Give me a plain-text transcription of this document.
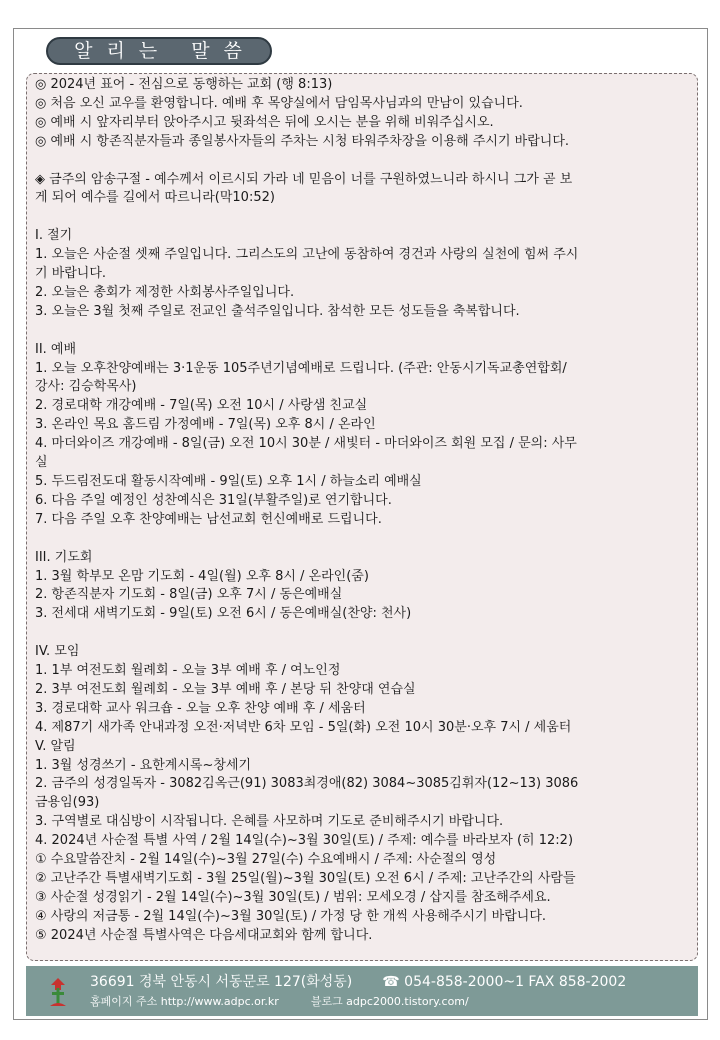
알리는 말씀
◎ 2024년 표어 - 전심으로 동행하는 교회 (행 8:13)
◎ 처음 오신 교우를 환영합니다. 예배 후 목양실에서 담임목사님과의 만남이 있습니다.
◎ 예배 시 앞자리부터 앉아주시고 뒷좌석은 뒤에 오시는 분을 위해 비워주십시오.
◎ 예배 시 항존직분자들과 종일봉사자들의 주차는 시청 타워주차장을 이용해 주시기 바랍니다.
◈ 금주의 암송구절 - 예수께서 이르시되 가라 네 믿음이 너를 구원하였느니라 하시니 그가 곧 보
게 되어 예수를 길에서 따르니라(막10:52)
I. 절기
1. 오늘은 사순절 셋째 주일입니다. 그리스도의 고난에 동참하여 경건과 사랑의 실천에 힘써 주시
기 바랍니다.
2. 오늘은 총회가 제정한 사회봉사주일입니다.
3. 오늘은 3월 첫째 주일로 전교인 출석주일입니다. 참석한 모든 성도들을 축복합니다.
II. 예배
1. 오늘 오후찬양예배는 3·1운동 105주년기념예배로 드립니다. (주관: 안동시기독교총연합회/
강사: 김승학목사)
2. 경로대학 개강예배 - 7일(목) 오전 10시 / 사랑샘 친교실
3. 온라인 목요 홈드림 가정예배 - 7일(목) 오후 8시 / 온라인
4. 마더와이즈 개강예배 - 8일(금) 오전 10시 30분 / 새빛터 - 마더와이즈 회원 모집 / 문의: 사무
실
5. 두드림전도대 활동시작예배 - 9일(토) 오후 1시 / 하늘소리 예배실
6. 다음 주일 예정인 성찬예식은 31일(부활주일)로 연기합니다.
7. 다음 주일 오후 찬양예배는 남선교회 헌신예배로 드립니다.
III. 기도회
1. 3월 학부모 온맘 기도회 - 4일(월) 오후 8시 / 온라인(줌)
2. 항존직분자 기도회 - 8일(금) 오후 7시 / 동은예배실
3. 전세대 새벽기도회 - 9일(토) 오전 6시 / 동은예배실(찬양: 천사)
IV. 모임
1. 1부 여전도회 월례회 - 오늘 3부 예배 후 / 여노인정
2. 3부 여전도회 월례회 - 오늘 3부 예배 후 / 본당 뒤 찬양대 연습실
3. 경로대학 교사 워크숍 - 오늘 오후 찬양 예배 후 / 세움터
4. 제87기 새가족 안내과정 오전·저녁반 6차 모임 - 5일(화) 오전 10시 30분·오후 7시 / 세움터
V. 알림
1. 3월 성경쓰기 - 요한계시록~창세기
2. 금주의 성경일독자 - 3082김옥근(91) 3083최경애(82) 3084~3085김휘자(12~13) 3086
금용임(93)
3. 구역별로 대심방이 시작됩니다. 은혜를 사모하며 기도로 준비해주시기 바랍니다.
4. 2024년 사순절 특별 사역 / 2월 14일(수)~3월 30일(토) / 주제: 예수를 바라보자 (히 12:2)
① 수요말씀잔치 - 2월 14일(수)~3월 27일(수) 수요예배시 / 주제: 사순절의 영성
② 고난주간 특별새벽기도회 - 3월 25일(월)~3월 30일(토) 오전 6시 / 주제: 고난주간의 사람들
③ 사순절 성경읽기 - 2월 14일(수)~3월 30일(토) / 범위: 모세오경 / 삽지를 참조해주세요.
④ 사랑의 저금통 - 2월 14일(수)~3월 30일(토) / 가정 당 한 개씩 사용해주시기 바랍니다.
⑤ 2024년 사순절 특별사역은 다음세대교회와 함께 합니다.
36691 경북 안동시 서동문로 127(화성동) ☎ 054-858-2000~1 FAX 858-2002
홈페이지 주소 http://www.adpc.or.kr	블로그 adpc2000.tistory.com/
